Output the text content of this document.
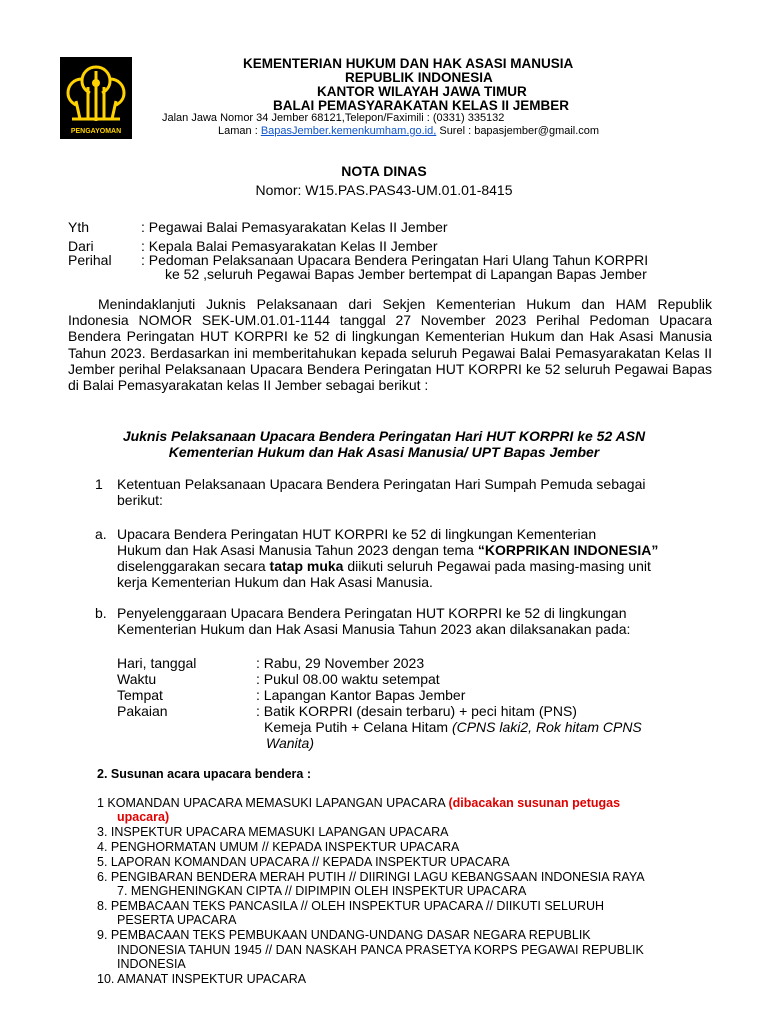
PENGAYOMAN
KEMENTERIAN HUKUM DAN HAK ASASI MANUSIA
REPUBLIK INDONESIA
KANTOR WILAYAH JAWA TIMUR
BALAI PEMASYARAKATAN KELAS II JEMBER
Jalan Jawa Nomor 34 Jember 68121,Telepon/Faximili : (0331) 335132
Laman : BapasJember.kemenkumham.go.id, Surel : bapasjember@gmail.com
NOTA DINAS
Nomor: W15.PAS.PAS43-UM.01.01-8415
Yth	: Pegawai Balai Pemasyarakatan Kelas II Jember
Dari	: Kepala Balai Pemasyarakatan Kelas II Jember
Perihal : Pedoman Pelaksanaan Upacara Bendera Peringatan Hari Ulang Tahun KORPRI
ke 52 ,seluruh Pegawai Bapas Jember bertempat di Lapangan Bapas Jember
Menindaklanjuti Juknis Pelaksanaan dari Sekjen Kementerian Hukum dan HAM Republik Indonesia NOMOR SEK-UM.01.01-1144 tanggal 27 November 2023 Perihal Pedoman Upacara Bendera Peringatan HUT KORPRI ke 52 di lingkungan Kementerian Hukum dan Hak Asasi Manusia Tahun 2023. Berdasarkan ini memberitahukan kepada seluruh Pegawai Balai Pemasyarakatan Kelas II Jember perihal Pelaksanaan Upacara Bendera Peringatan HUT KORPRI ke 52 seluruh Pegawai Bapas di Balai Pemasyarakatan kelas II Jember sebagai berikut :
Juknis Pelaksanaan Upacara Bendera Peringatan Hari HUT KORPRI ke 52 ASN
Kementerian Hukum dan Hak Asasi Manusia/ UPT Bapas Jember
1 Ketentuan Pelaksanaan Upacara Bendera Peringatan Hari Sumpah Pemuda sebagai
berikut:
a. Upacara Bendera Peringatan HUT KORPRI ke 52 di lingkungan Kementerian
Hukum dan Hak Asasi Manusia Tahun 2023 dengan tema “KORPRIKAN INDONESIA”
diselenggarakan secara tatap muka diikuti seluruh Pegawai pada masing-masing unit
kerja Kementerian Hukum dan Hak Asasi Manusia.
b. Penyelenggaraan Upacara Bendera Peringatan HUT KORPRI ke 52 di lingkungan
Kementerian Hukum dan Hak Asasi Manusia Tahun 2023 akan dilaksanakan pada:
Hari, tanggal	: Rabu, 29 November 2023
Waktu	: Pukul 08.00 waktu setempat
Tempat	: Lapangan Kantor Bapas Jember
Pakaian	: Batik KORPRI (desain terbaru) + peci hitam (PNS)
Kemeja Putih + Celana Hitam (CPNS laki2, Rok hitam CPNS
Wanita)
2. Susunan acara upacara bendera :
1 KOMANDAN UPACARA MEMASUKI LAPANGAN UPACARA (dibacakan susunan petugas
upacara)
3. INSPEKTUR UPACARA MEMASUKI LAPANGAN UPACARA
4. PENGHORMATAN UMUM // KEPADA INSPEKTUR UPACARA
5. LAPORAN KOMANDAN UPACARA // KEPADA INSPEKTUR UPACARA
6. PENGIBARAN BENDERA MERAH PUTIH // DIIRINGI LAGU KEBANGSAAN INDONESIA RAYA
7. MENGHENINGKAN CIPTA // DIPIMPIN OLEH INSPEKTUR UPACARA
8. PEMBACAAN TEKS PANCASILA // OLEH INSPEKTUR UPACARA // DIIKUTI SELURUH
PESERTA UPACARA
9. PEMBACAAN TEKS PEMBUKAAN UNDANG-UNDANG DASAR NEGARA REPUBLIK
INDONESIA TAHUN 1945 // DAN NASKAH PANCA PRASETYA KORPS PEGAWAI REPUBLIK
INDONESIA
10. AMANAT INSPEKTUR UPACARA
